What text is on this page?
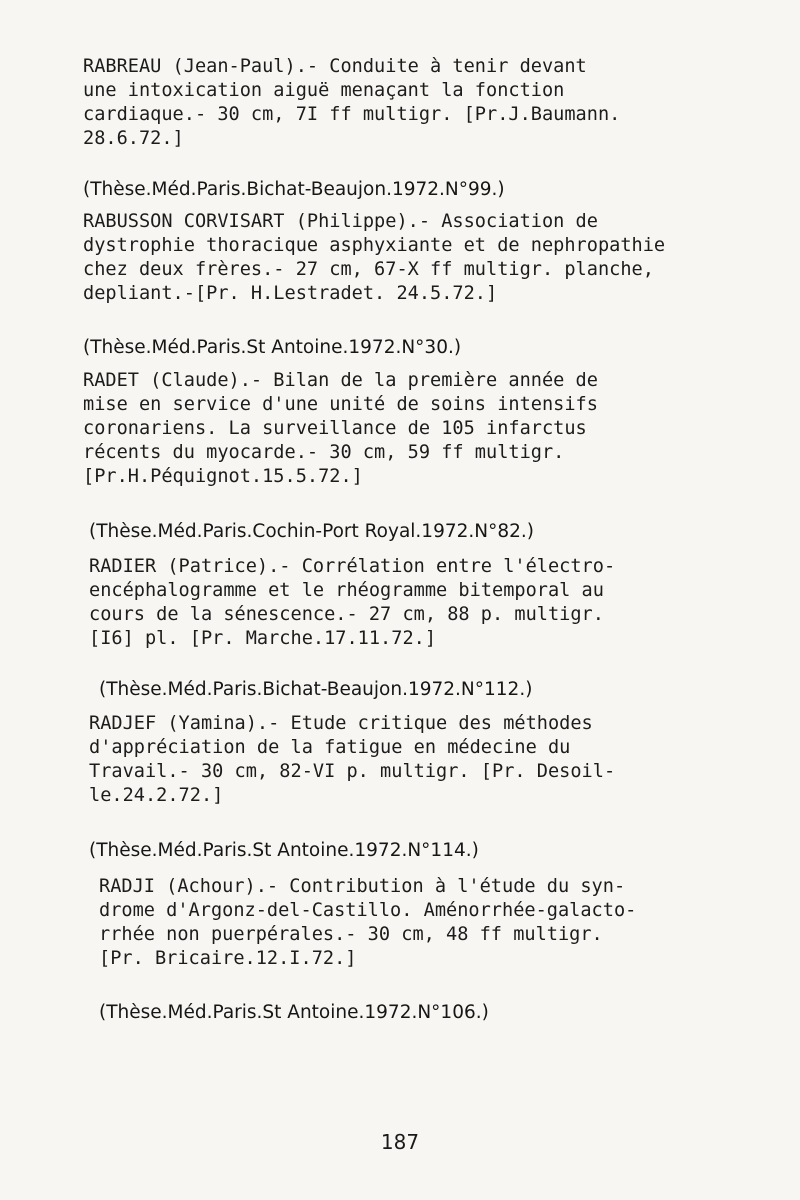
RABREAU (Jean-Paul).- Conduite à tenir devant
une intoxication aiguë menaçant la fonction
cardiaque.- 30 cm, 7I ff multigr. [Pr.J.Baumann.
28.6.72.]
(Thèse.Méd.Paris.Bichat-Beaujon.1972.N°99.)
RABUSSON CORVISART (Philippe).- Association de
dystrophie thoracique asphyxiante et de nephropathie
chez deux frères.- 27 cm, 67-X ff multigr. planche,
depliant.-[Pr. H.Lestradet. 24.5.72.]
(Thèse.Méd.Paris.St Antoine.1972.N°30.)
RADET (Claude).- Bilan de la première année de
mise en service d'une unité de soins intensifs
coronariens. La surveillance de 105 infarctus
récents du myocarde.- 30 cm, 59 ff multigr.
[Pr.H.Péquignot.15.5.72.]
(Thèse.Méd.Paris.Cochin-Port Royal.1972.N°82.)
RADIER (Patrice).- Corrélation entre l'électro-
encéphalogramme et le rhéogramme bitemporal au
cours de la sénescence.- 27 cm, 88 p. multigr.
[I6] pl. [Pr. Marche.17.11.72.]
(Thèse.Méd.Paris.Bichat-Beaujon.1972.N°112.)
RADJEF (Yamina).- Etude critique des méthodes
d'appréciation de la fatigue en médecine du
Travail.- 30 cm, 82-VI p. multigr. [Pr. Desoil-
le.24.2.72.]
(Thèse.Méd.Paris.St Antoine.1972.N°114.)
RADJI (Achour).- Contribution à l'étude du syn-
drome d'Argonz-del-Castillo. Aménorrhée-galacto-
rrhée non puerpérales.- 30 cm, 48 ff multigr.
[Pr. Bricaire.12.I.72.]
(Thèse.Méd.Paris.St Antoine.1972.N°106.)
187
